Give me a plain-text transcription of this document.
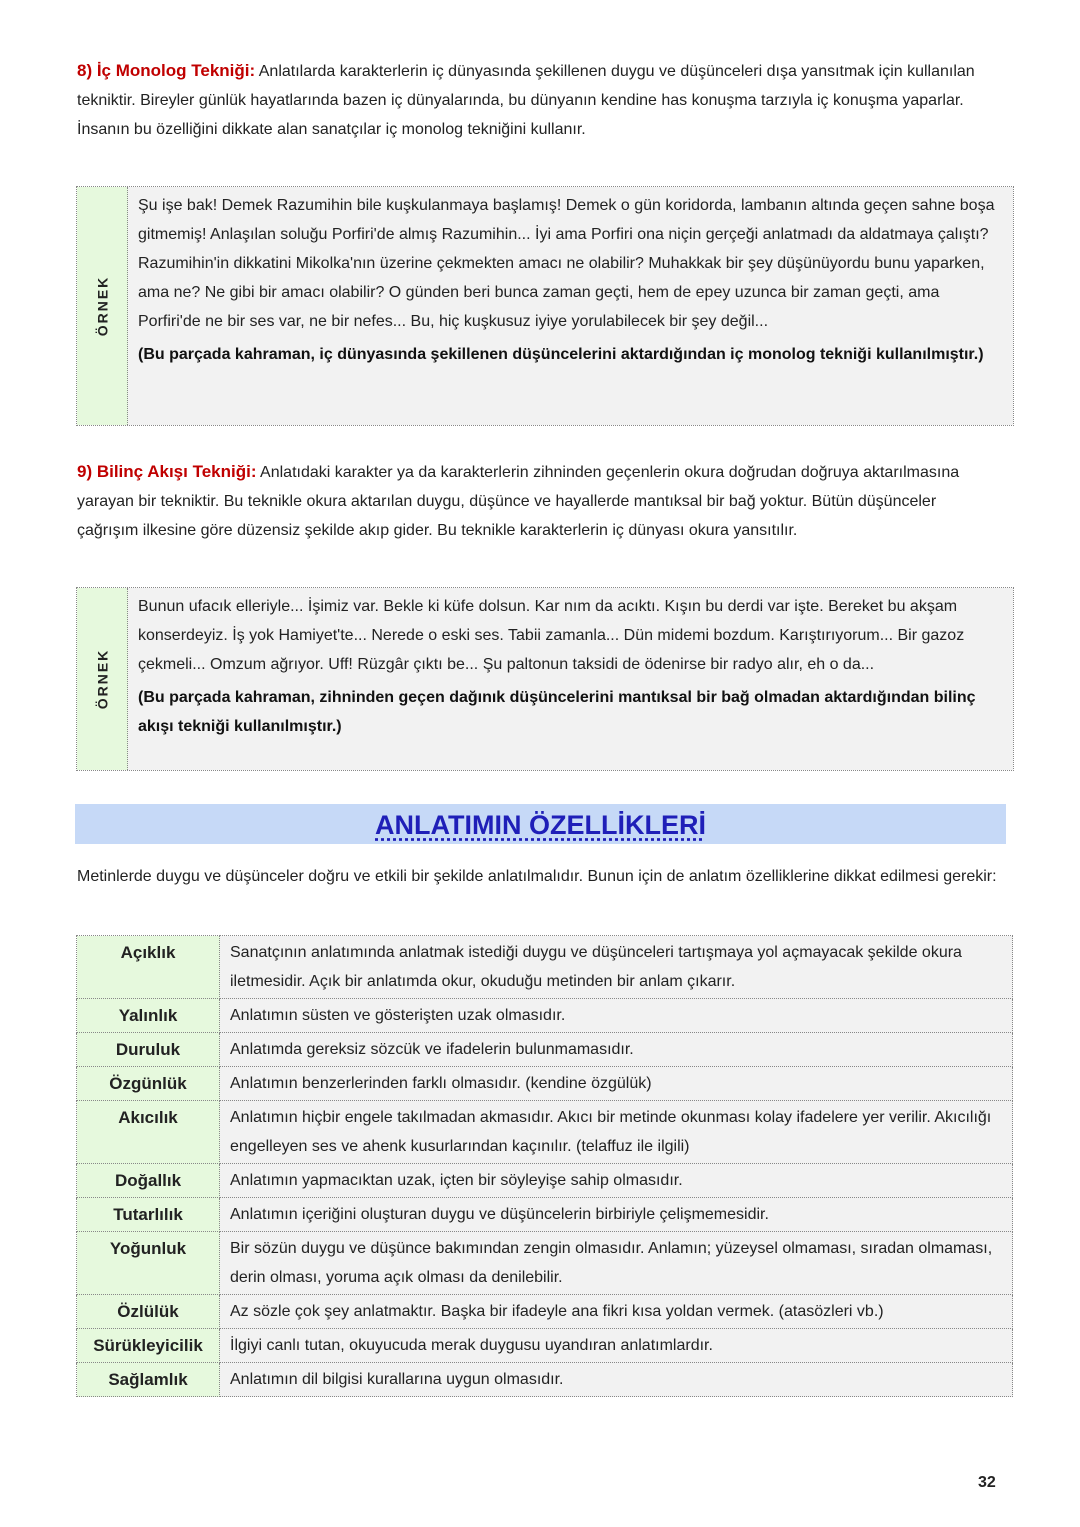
8) İç Monolog Tekniği: Anlatılarda karakterlerin iç dünyasında şekillenen duygu ve düşünceleri dışa yansıtmak için kullanılan tekniktir. Bireyler günlük hayatlarında bazen iç dünyalarında, bu dünyanın kendine has konuşma tarzıyla iç konuşma yaparlar. İnsanın bu özelliğini dikkate alan sanatçılar iç monolog tekniğini kullanır.
ÖRNEK

Şu işe bak! Demek Razumihin bile kuşkulanmaya başlamış! Demek o gün koridorda, lambanın altında geçen sahne boşa gitmemiş! Anlaşılan soluğu Porfiri'de almış Razumihin... İyi ama Porfiri ona niçin gerçeği anlatmadı da aldatmaya çalıştı? Razumihin'in dikkatini Mikolka'nın üzerine çekmekten amacı ne olabilir? Muhakkak bir şey düşünüyordu bunu yaparken, ama ne? Ne gibi bir amacı olabilir? O günden beri bunca zaman geçti, hem de epey uzunca bir zaman geçti, ama Porfiri'de ne bir ses var, ne bir nefes... Bu, hiç kuşkusuz iyiye yorulabilecek bir şey değil...

(Bu parçada kahraman, iç dünyasında şekillenen düşüncelerini aktardığından iç monolog tekniği kullanılmıştır.)

9) Bilinç Akışı Tekniği: Anlatıdaki karakter ya da karakterlerin zihninden geçenlerin okura doğrudan doğruya aktarılmasına yarayan bir tekniktir. Bu teknikle okura aktarılan duygu, düşünce ve hayallerde mantıksal bir bağ yoktur. Bütün düşünceler çağrışım ilkesine göre düzensiz şekilde akıp gider. Bu teknikle karakterlerin iç dünyası okura yansıtılır.
ÖRNEK

Bunun ufacık elleriyle... İşimiz var. Bekle ki küfe dolsun. Kar nım da acıktı. Kışın bu derdi var işte. Bereket bu akşam konserdeyiz. İş yok Hamiyet'te... Nerede o eski ses. Tabii zamanla... Dün midemi bozdum. Karıştırıyorum... Bir gazoz çekmeli... Omzum ağrıyor. Uff! Rüzgâr çıktı be... Şu paltonun taksidi de ödenirse bir radyo alır, eh o da...

(Bu parçada kahraman, zihninden geçen dağınık düşüncelerini mantıksal bir bağ olmadan aktardığından bilinç akışı tekniği kullanılmıştır.)

ANLATIMIN ÖZELLİKLERİ
Metinlerde duygu ve düşünceler doğru ve etkili bir şekilde anlatılmalıdır. Bunun için de anlatım özelliklerine dikkat edilmesi gerekir:
Açıklık	Sanatçının anlatımında anlatmak istediği duygu ve düşünceleri tartışmaya yol açmayacak şekilde okura iletmesidir. Açık bir anlatımda okur, okuduğu metinden bir anlam çıkarır.
Yalınlık	Anlatımın süsten ve gösterişten uzak olmasıdır.
Duruluk	Anlatımda gereksiz sözcük ve ifadelerin bulunmamasıdır.
Özgünlük	Anlatımın benzerlerinden farklı olmasıdır. (kendine özgülük)
Akıcılık	Anlatımın hiçbir engele takılmadan akmasıdır. Akıcı bir metinde okunması kolay ifadelere yer verilir. Akıcılığı engelleyen ses ve ahenk kusurlarından kaçınılır. (telaffuz ile ilgili)
Doğallık	Anlatımın yapmacıktan uzak, içten bir söyleyişe sahip olmasıdır.
Tutarlılık	Anlatımın içeriğini oluşturan duygu ve düşüncelerin birbiriyle çelişmemesidir.
Yoğunluk	Bir sözün duygu ve düşünce bakımından zengin olmasıdır. Anlamın; yüzeysel olmaması, sıradan olmaması, derin olması, yoruma açık olması da denilebilir.
Özlülük	Az sözle çok şey anlatmaktır. Başka bir ifadeyle ana fikri kısa yoldan vermek. (atasözleri vb.)
Sürükleyicilik	İlgiyi canlı tutan, okuyucuda merak duygusu uyandıran anlatımlardır.
Sağlamlık	Anlatımın dil bilgisi kurallarına uygun olmasıdır.
32
